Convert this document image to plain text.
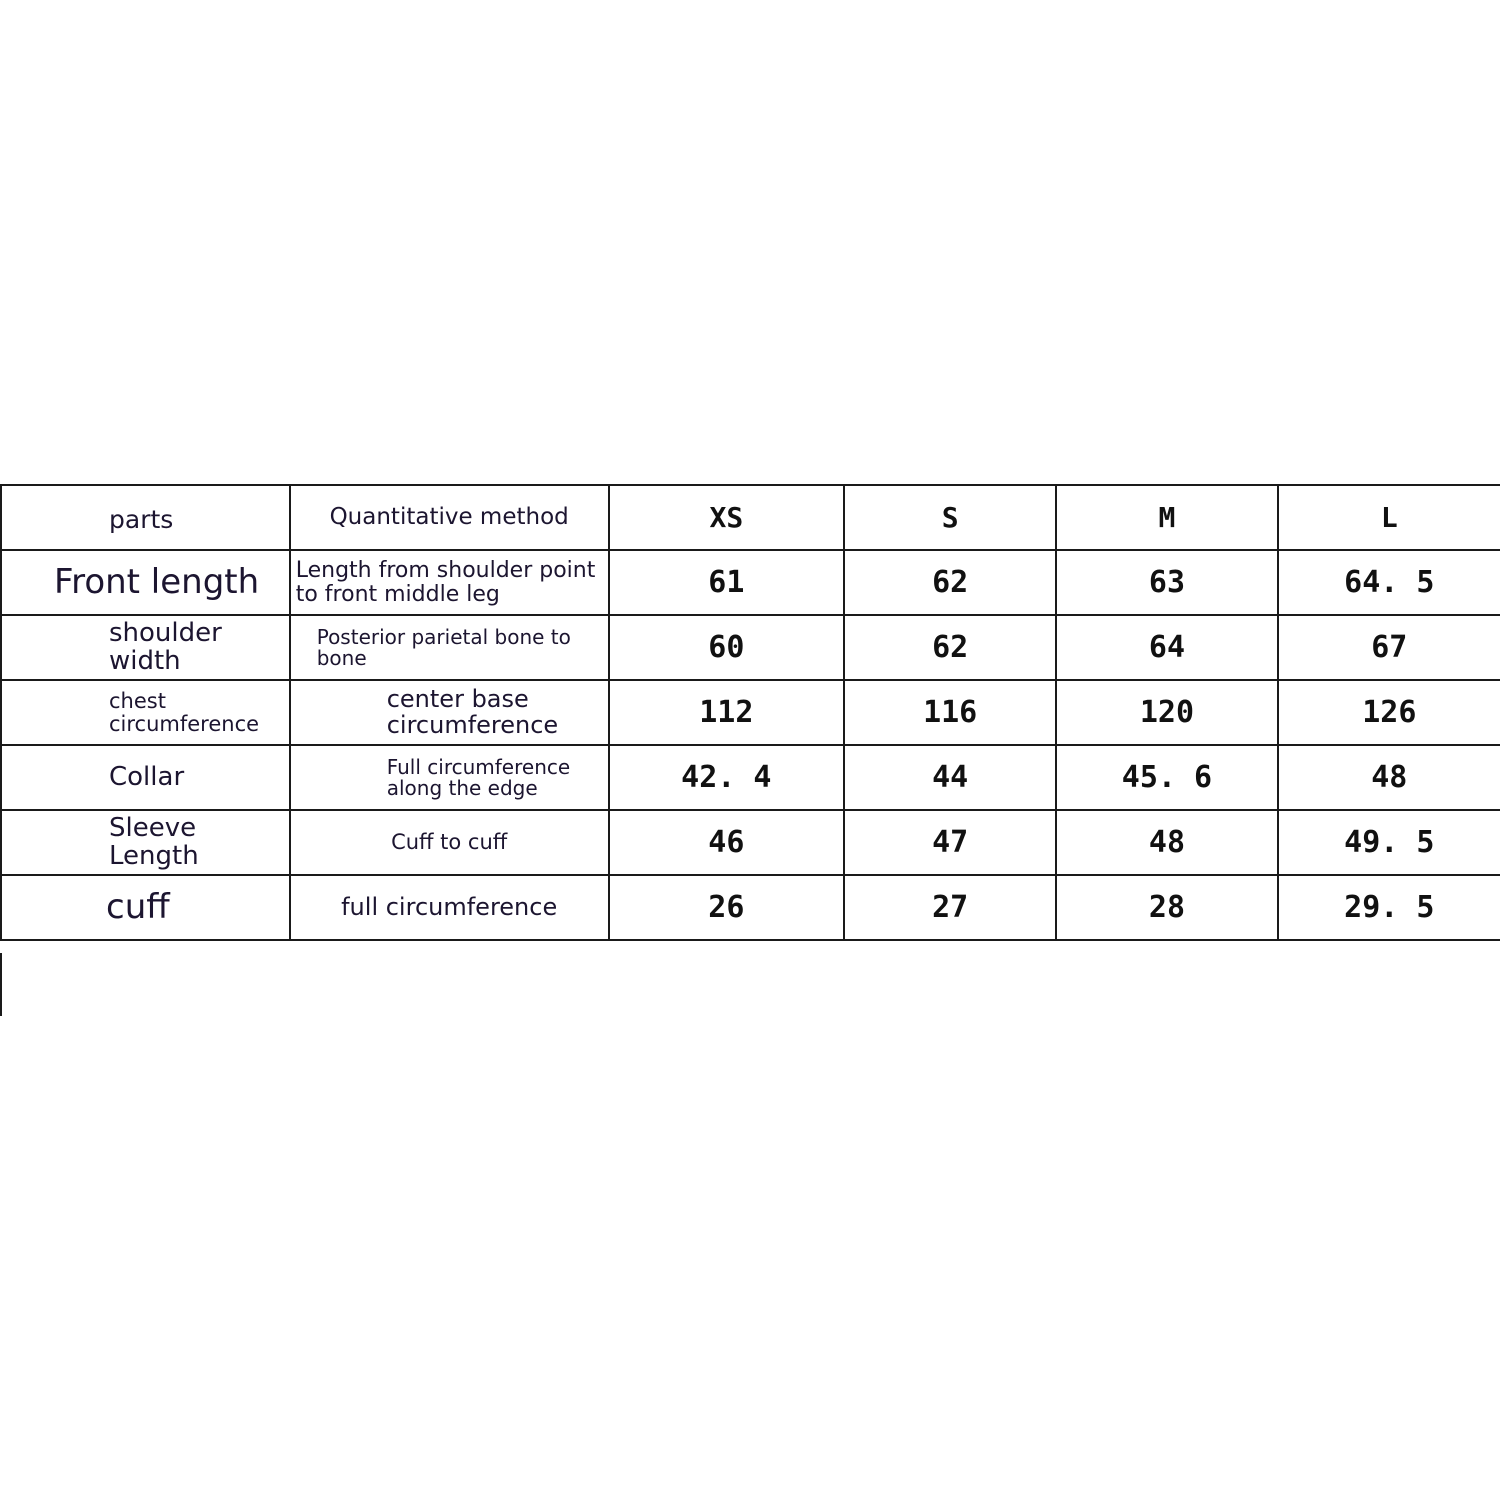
parts	Quantitative method	XS	S	M	L

Front length	Length from shoulder point to front middle leg	61	62	63	64. 5

shoulder width	Posterior parietal bone to bone	60	62	64	67

chest circumference	center base circumference	112	116	120	126

Collar	Full circumference along the edge	42. 4	44	45. 6	48

Sleeve Length	Cuff to cuff	46	47	48	49. 5

cuff	full circumference	26	27	28	29. 5
